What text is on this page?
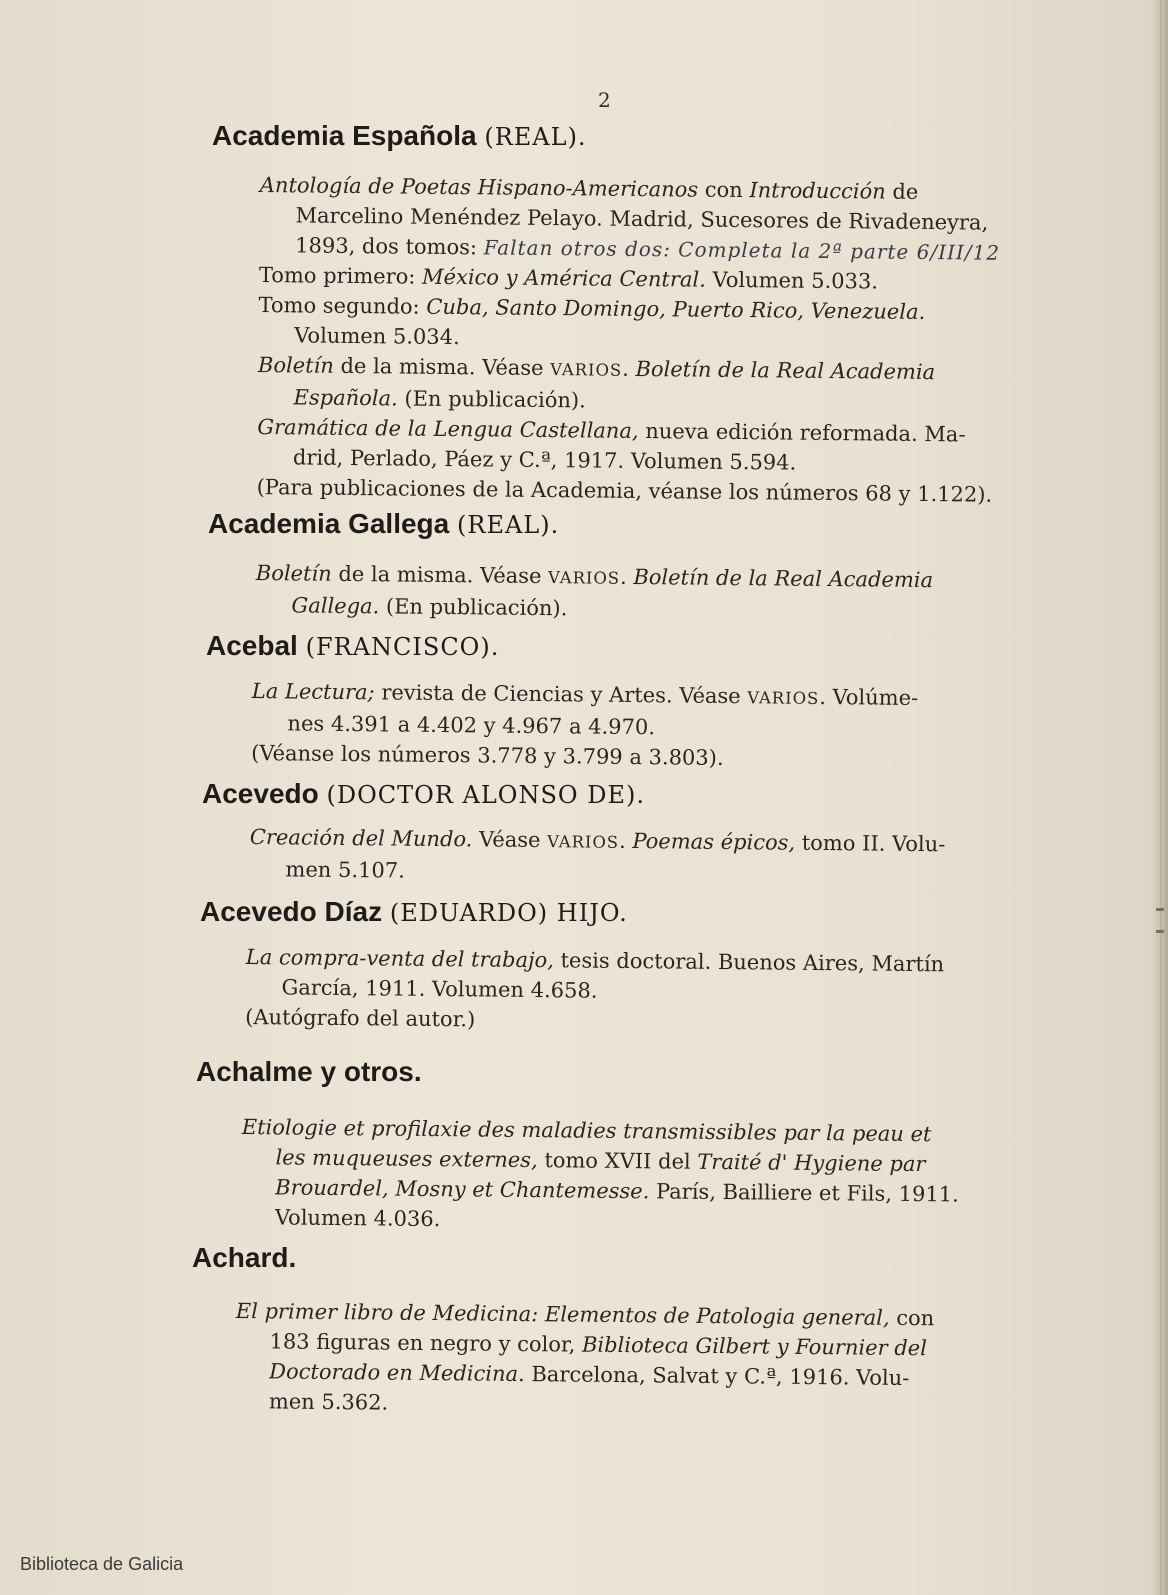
2
Academia Española (REAL).
Antología de Poetas Hispano-Americanos con Introducción de
Marcelino Menéndez Pelayo. Madrid, Sucesores de Rivadeneyra,
1893, dos tomos: Faltan otros dos: Completa la 2ª parte 6/III/12
Tomo primero: México y América Central. Volumen 5.033.
Tomo segundo: Cuba, Santo Domingo, Puerto Rico, Venezuela.
Volumen 5.034.
Boletín de la misma. Véase VARIOS. Boletín de la Real Academia
Española. (En publicación).
Gramática de la Lengua Castellana, nueva edición reformada. Ma-
drid, Perlado, Páez y C.ª, 1917. Volumen 5.594.
(Para publicaciones de la Academia, véanse los números 68 y 1.122).
Academia Gallega (REAL).
Boletín de la misma. Véase VARIOS. Boletín de la Real Academia
Gallega. (En publicación).
Acebal (FRANCISCO).
La Lectura; revista de Ciencias y Artes. Véase VARIOS. Volúme-
nes 4.391 a 4.402 y 4.967 a 4.970.
(Véanse los números 3.778 y 3.799 a 3.803).
Acevedo (DOCTOR ALONSO DE).
Creación del Mundo. Véase VARIOS. Poemas épicos, tomo II. Volu-
men 5.107.
Acevedo Díaz (EDUARDO) HIJO.
La compra-venta del trabajo, tesis doctoral. Buenos Aires, Martín
García, 1911. Volumen 4.658.
(Autógrafo del autor.)
Achalme y otros.
Etiologie et profilaxie des maladies transmissibles par la peau et
les muqueuses externes, tomo XVII del Traité d' Hygiene par
Brouardel, Mosny et Chantemesse. París, Bailliere et Fils, 1911.
Volumen 4.036.
Achard.
El primer libro de Medicina: Elementos de Patologia general, con
183 figuras en negro y color, Biblioteca Gilbert y Fournier del
Doctorado en Medicina. Barcelona, Salvat y C.ª, 1916. Volu-
men 5.362.
Biblioteca de Galicia
